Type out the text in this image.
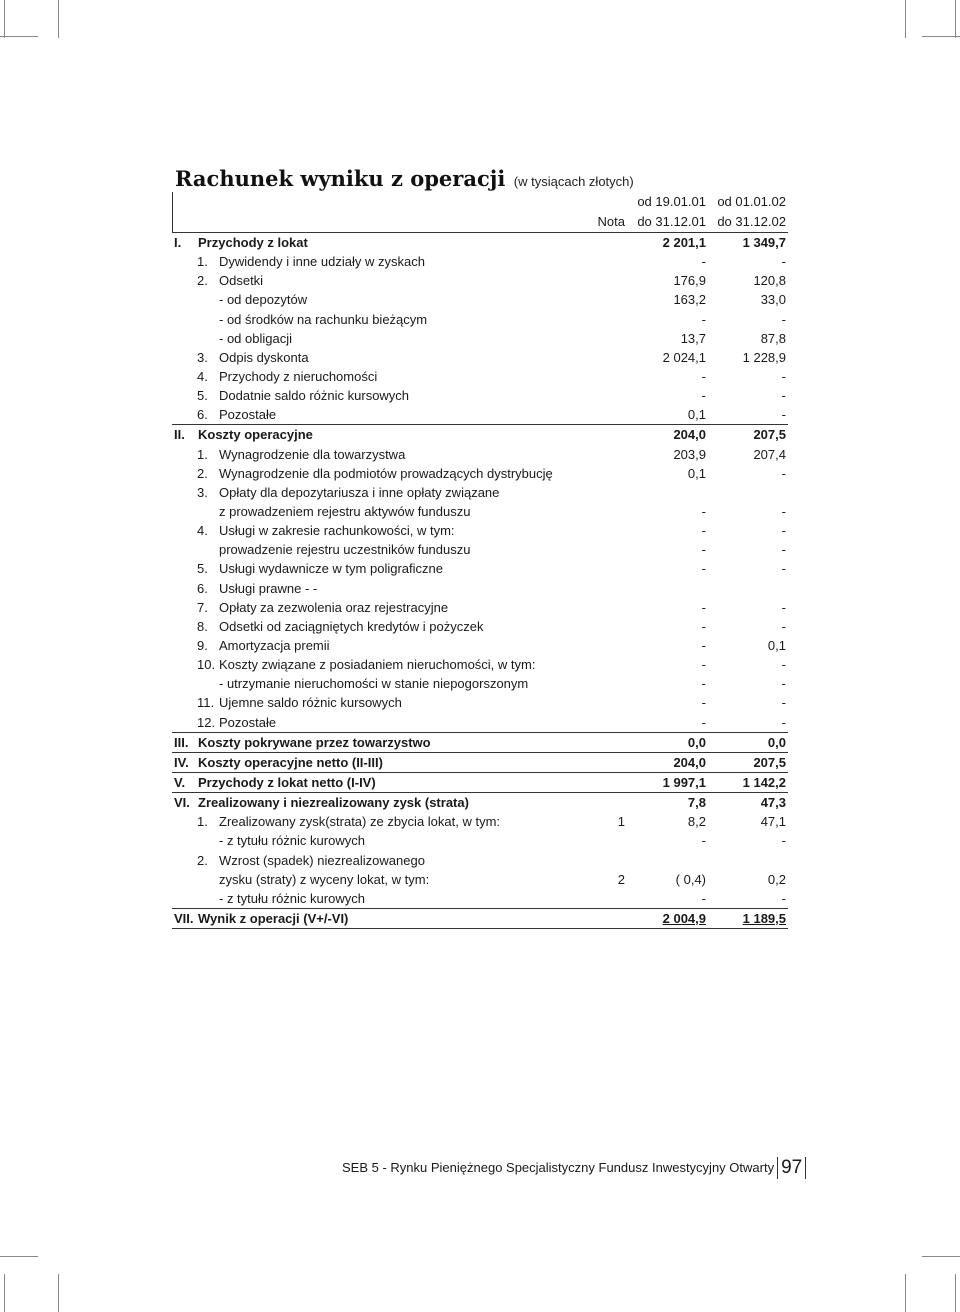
Rachunek wyniku z operacji (w tysiącach złotych)
od 19.01.01 od 01.01.02
Nota do 31.12.01 do 31.12.02
I. Przychody z lokat	2 201,1	1 349,7
1. Dywidendy i inne udziały w zyskach	-	-
2. Odsetki	176,9	120,8
- od depozytów	163,2	33,0
- od środków na rachunku bieżącym	-	-
- od obligacji	13,7	87,8
3. Odpis dyskonta	2 024,1	1 228,9
4. Przychody z nieruchomości	-	-
5. Dodatnie saldo różnic kursowych	-	-
6. Pozostałe	0,1	-
II. Koszty operacyjne	204,0	207,5
1. Wynagrodzenie dla towarzystwa	203,9	207,4
2. Wynagrodzenie dla podmiotów prowadzących dystrybucję	0,1	-
3. Opłaty dla depozytariusza i inne opłaty związane
z prowadzeniem rejestru aktywów funduszu	-	-
4. Usługi w zakresie rachunkowości, w tym:	-	-
prowadzenie rejestru uczestników funduszu	-	-
5. Usługi wydawnicze w tym poligraficzne	-	-
6. Usługi prawne - -
7. Opłaty za zezwolenia oraz rejestracyjne	-	-
8. Odsetki od zaciągniętych kredytów i pożyczek	-	-
9. Amortyzacja premii	-	0,1
10. Koszty związane z posiadaniem nieruchomości, w tym:	-	-
- utrzymanie nieruchomości w stanie niepogorszonym	-	-
11. Ujemne saldo różnic kursowych	-	-
12. Pozostałe	-	-
III. Koszty pokrywane przez towarzystwo	0,0	0,0
IV. Koszty operacyjne netto (II-III)	204,0	207,5
V. Przychody z lokat netto (I-IV)	1 997,1	1 142,2
VI. Zrealizowany i niezrealizowany zysk (strata)	7,8	47,3
1. Zrealizowany zysk(strata) ze zbycia lokat, w tym:	1	8,2	47,1
- z tytułu różnic kurowych	-	-
2. Wzrost (spadek) niezrealizowanego
zysku (straty) z wyceny lokat, w tym:	2	( 0,4)	0,2
- z tytułu różnic kurowych	-	-
VII. Wynik z operacji (V+/-VI)	2 004,9	1 189,5
SEB 5 - Rynku Pieniężnego Specjalistyczny Fundusz Inwestycyjny Otwarty 97
